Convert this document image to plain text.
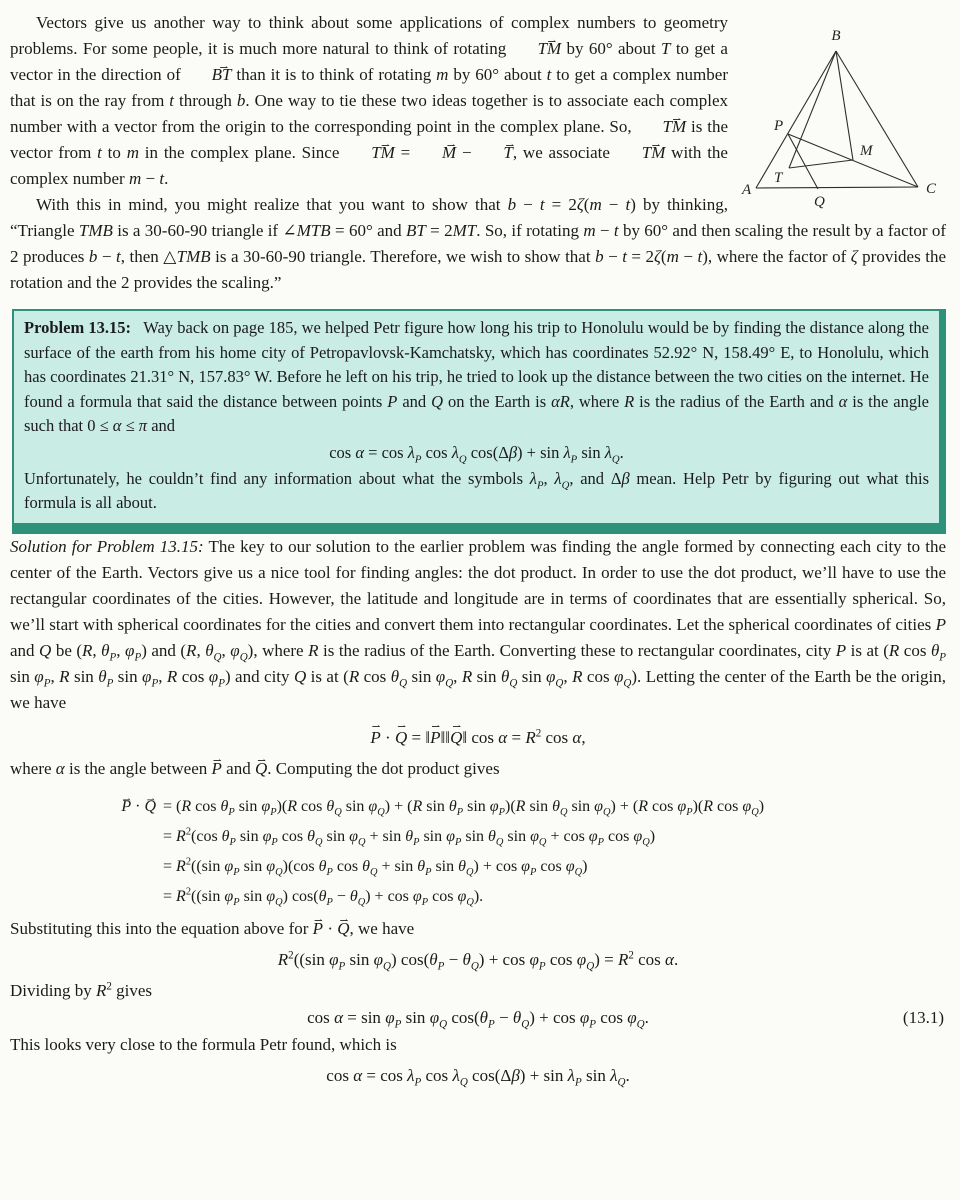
B
A	C
P
T
M
Q

Vectors give us another way to think about some applications of complex numbers to geometry problems. For some people, it is much more natural to think of rotating ⇀ TM by 60° about T to get a vector in the direction of ⇀ BT than it is to think of rotating m by 60° about t to get a complex number that is on the ray from t through b. One way to tie these two ideas together is to associate each complex number with a vector from the origin to the corresponding point in the complex plane. So, ⇀ TM is the vector from t to m in the complex plane. Since ⇀ TM = ⇀ M − ⇀ T, we associate ⇀ TM with the complex number m − t.

With this in mind, you might realize that you want to show that b − t = 2ζ(m − t) by thinking, “Triangle TMB is a 30-60-90 triangle if ∠MTB = 60° and BT = 2MT. So, if rotating m − t by 60° and then scaling the result by a factor of 2 produces b − t, then △TMB is a 30-60-90 triangle. Therefore, we wish to show that b − t = 2ζ(m − t), where the factor of ζ provides the rotation and the 2 provides the scaling.”

Problem 13.15: Way back on page 185, we helped Petr figure how long his trip to Honolulu would be by finding the distance along the surface of the earth from his home city of Petropavlovsk-Kamchatsky, which has coordinates 52.92° N, 158.49° E, to Honolulu, which has coordinates 21.31° N, 157.83° W. Before he left on his trip, he tried to look up the distance between the two cities on the internet. He found a formula that said the distance between points P and Q on the Earth is αR, where R is the radius of the Earth and α is the angle such that 0 ≤ α ≤ π and

$\cos \alpha = \cos \lambda_P$ $\cos \lambda_Q$ $\cos(\Delta\beta) + \sin \lambda_P$ $\sin \lambda_Q$.

Unfortunately, he couldn’t find any information about what the symbols $\lambda_P$, $\lambda_Q$, and Δβ mean. Help Petr by figuring out what this formula is all about.

Solution for Problem 13.15: The key to our solution to the earlier problem was finding the angle formed by connecting each city to the center of the Earth. Vectors give us a nice tool for finding angles: the dot product. In order to use the dot product, we’ll have to use the rectangular coordinates of the cities. However, the latitude and longitude are in terms of coordinates that are essentially spherical. So, we’ll start with spherical coordinates for the cities and convert them into rectangular coordinates. Let the spherical coordinates of cities P and Q be (R, $\theta_P$, $\varphi_P$) and (R, $\theta_Q$, $\varphi_Q$), where R is the radius of the Earth. Converting these to rectangular coordinates, city P is at (R $\cos \theta_P$ $\sin \varphi_P$, R $\sin \theta_P$ $\sin \varphi_P$, R $\cos \varphi_P$) and city Q is at (R $\cos \theta_Q$ $\sin \varphi_Q$, R $\sin \theta_Q$ $\sin \varphi_Q$, R $\cos \varphi_Q$). Letting the center of the Earth be the origin, we have

⇀ P · ⇀ Q = ‖⇀ P‖‖⇀ Q‖ $\cos \alpha = R^2$ cos α,

where α is the angle between ⇀ P and ⇀ Q. Computing the dot product gives

⇀ P · ⇀ Q = (R $\cos \theta_P$ $\sin \varphi_P)(R$ $\cos \theta_Q$ $\sin \varphi_Q) + (R$ $\sin \theta_P$ $\sin \varphi_P)(R$ $\sin \theta_Q$ $\sin \varphi_Q) + (R$ $\cos \varphi_P)(R$ $\cos \varphi_Q$)
= $R^2(\cos$ $\theta_P$ $\sin \varphi_P$ $\cos \theta_Q$ $\sin \varphi_Q + \sin \theta_P$ $\sin \varphi_P$ $\sin \theta_Q$ $\sin \varphi_Q + \cos \varphi_P$ $\cos \varphi_Q$)
= $R^2((\sin$ $\varphi_P$ $\sin \varphi_Q)(\cos$ $\theta_P$ $\cos \theta_Q + \sin \theta_P$ $\sin \theta_Q) + \cos \varphi_P$ $\cos \varphi_Q$)
= $R^2((\sin$ $\varphi_P$ $\sin \varphi_Q$) $\cos(\theta_P - \theta_Q) + \cos \varphi_P$ $\cos \varphi_Q$).

Substituting this into the equation above for ⇀ P · ⇀ Q, we have

$R^2((\sin$ $\varphi_P$ $\sin \varphi_Q$) $\cos(\theta_P - \theta_Q) + \cos \varphi_P$ $\cos \varphi_Q) = R^2$ cos α.

Dividing by $R^2$ gives

$\cos \alpha = \sin \varphi_P$ $\sin \varphi_Q$ $\cos(\theta_P - \theta_Q) + \cos \varphi_P$ $\cos \varphi_Q$.	(13.1)

This looks very close to the formula Petr found, which is

$\cos \alpha = \cos \lambda_P$ $\cos \lambda_Q$ $\cos(\Delta\beta) + \sin \lambda_P$ $\sin \lambda_Q$.
